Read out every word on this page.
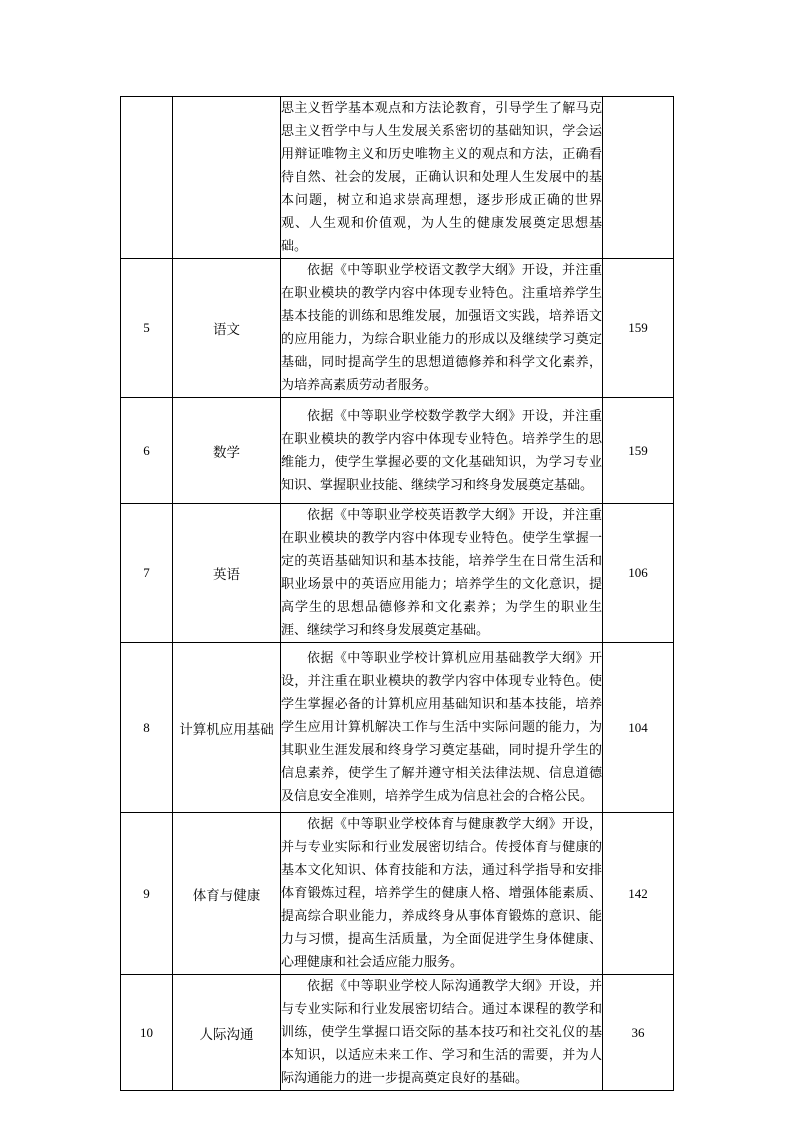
		思主义哲学基本观点和方法论教育，引导学生了解马克思主义哲学中与人生发展关系密切的基础知识，学会运用辩证唯物主义和历史唯物主义的观点和方法，正确看待自然、社会的发展，正确认识和处理人生发展中的基本问题，树立和追求崇高理想，逐步形成正确的世界观、人生观和价值观，为人生的健康发展奠定思想基础。	

5	语文	依据《中等职业学校语文教学大纲》开设，并注重在职业模块的教学内容中体现专业特色。注重培养学生基本技能的训练和思维发展，加强语文实践，培养语文的应用能力，为综合职业能力的形成以及继续学习奠定基础，同时提高学生的思想道德修养和科学文化素养，为培养高素质劳动者服务。	159
6	数学	依据《中等职业学校数学教学大纲》开设，并注重在职业模块的教学内容中体现专业特色。培养学生的思维能力，使学生掌握必要的文化基础知识，为学习专业知识、掌握职业技能、继续学习和终身发展奠定基础。	159
7	英语	依据《中等职业学校英语教学大纲》开设，并注重在职业模块的教学内容中体现专业特色。使学生掌握一定的英语基础知识和基本技能，培养学生在日常生活和职业场景中的英语应用能力；培养学生的文化意识，提高学生的思想品德修养和文化素养；为学生的职业生涯、继续学习和终身发展奠定基础。	106
8	计算机应用基础	依据《中等职业学校计算机应用基础教学大纲》开设，并注重在职业模块的教学内容中体现专业特色。使学生掌握必备的计算机应用基础知识和基本技能，培养学生应用计算机解决工作与生活中实际问题的能力，为其职业生涯发展和终身学习奠定基础，同时提升学生的信息素养，使学生了解并遵守相关法律法规、信息道德及信息安全准则，培养学生成为信息社会的合格公民。	104
9	体育与健康	依据《中等职业学校体育与健康教学大纲》开设，并与专业实际和行业发展密切结合。传授体育与健康的基本文化知识、体育技能和方法，通过科学指导和安排体育锻炼过程，培养学生的健康人格、增强体能素质、提高综合职业能力，养成终身从事体育锻炼的意识、能力与习惯，提高生活质量，为全面促进学生身体健康、心理健康和社会适应能力服务。	142
10	人际沟通	依据《中等职业学校人际沟通教学大纲》开设，并与专业实际和行业发展密切结合。通过本课程的教学和训练，使学生掌握口语交际的基本技巧和社交礼仪的基本知识，以适应未来工作、学习和生活的需要，并为人际沟通能力的进一步提高奠定良好的基础。	36
